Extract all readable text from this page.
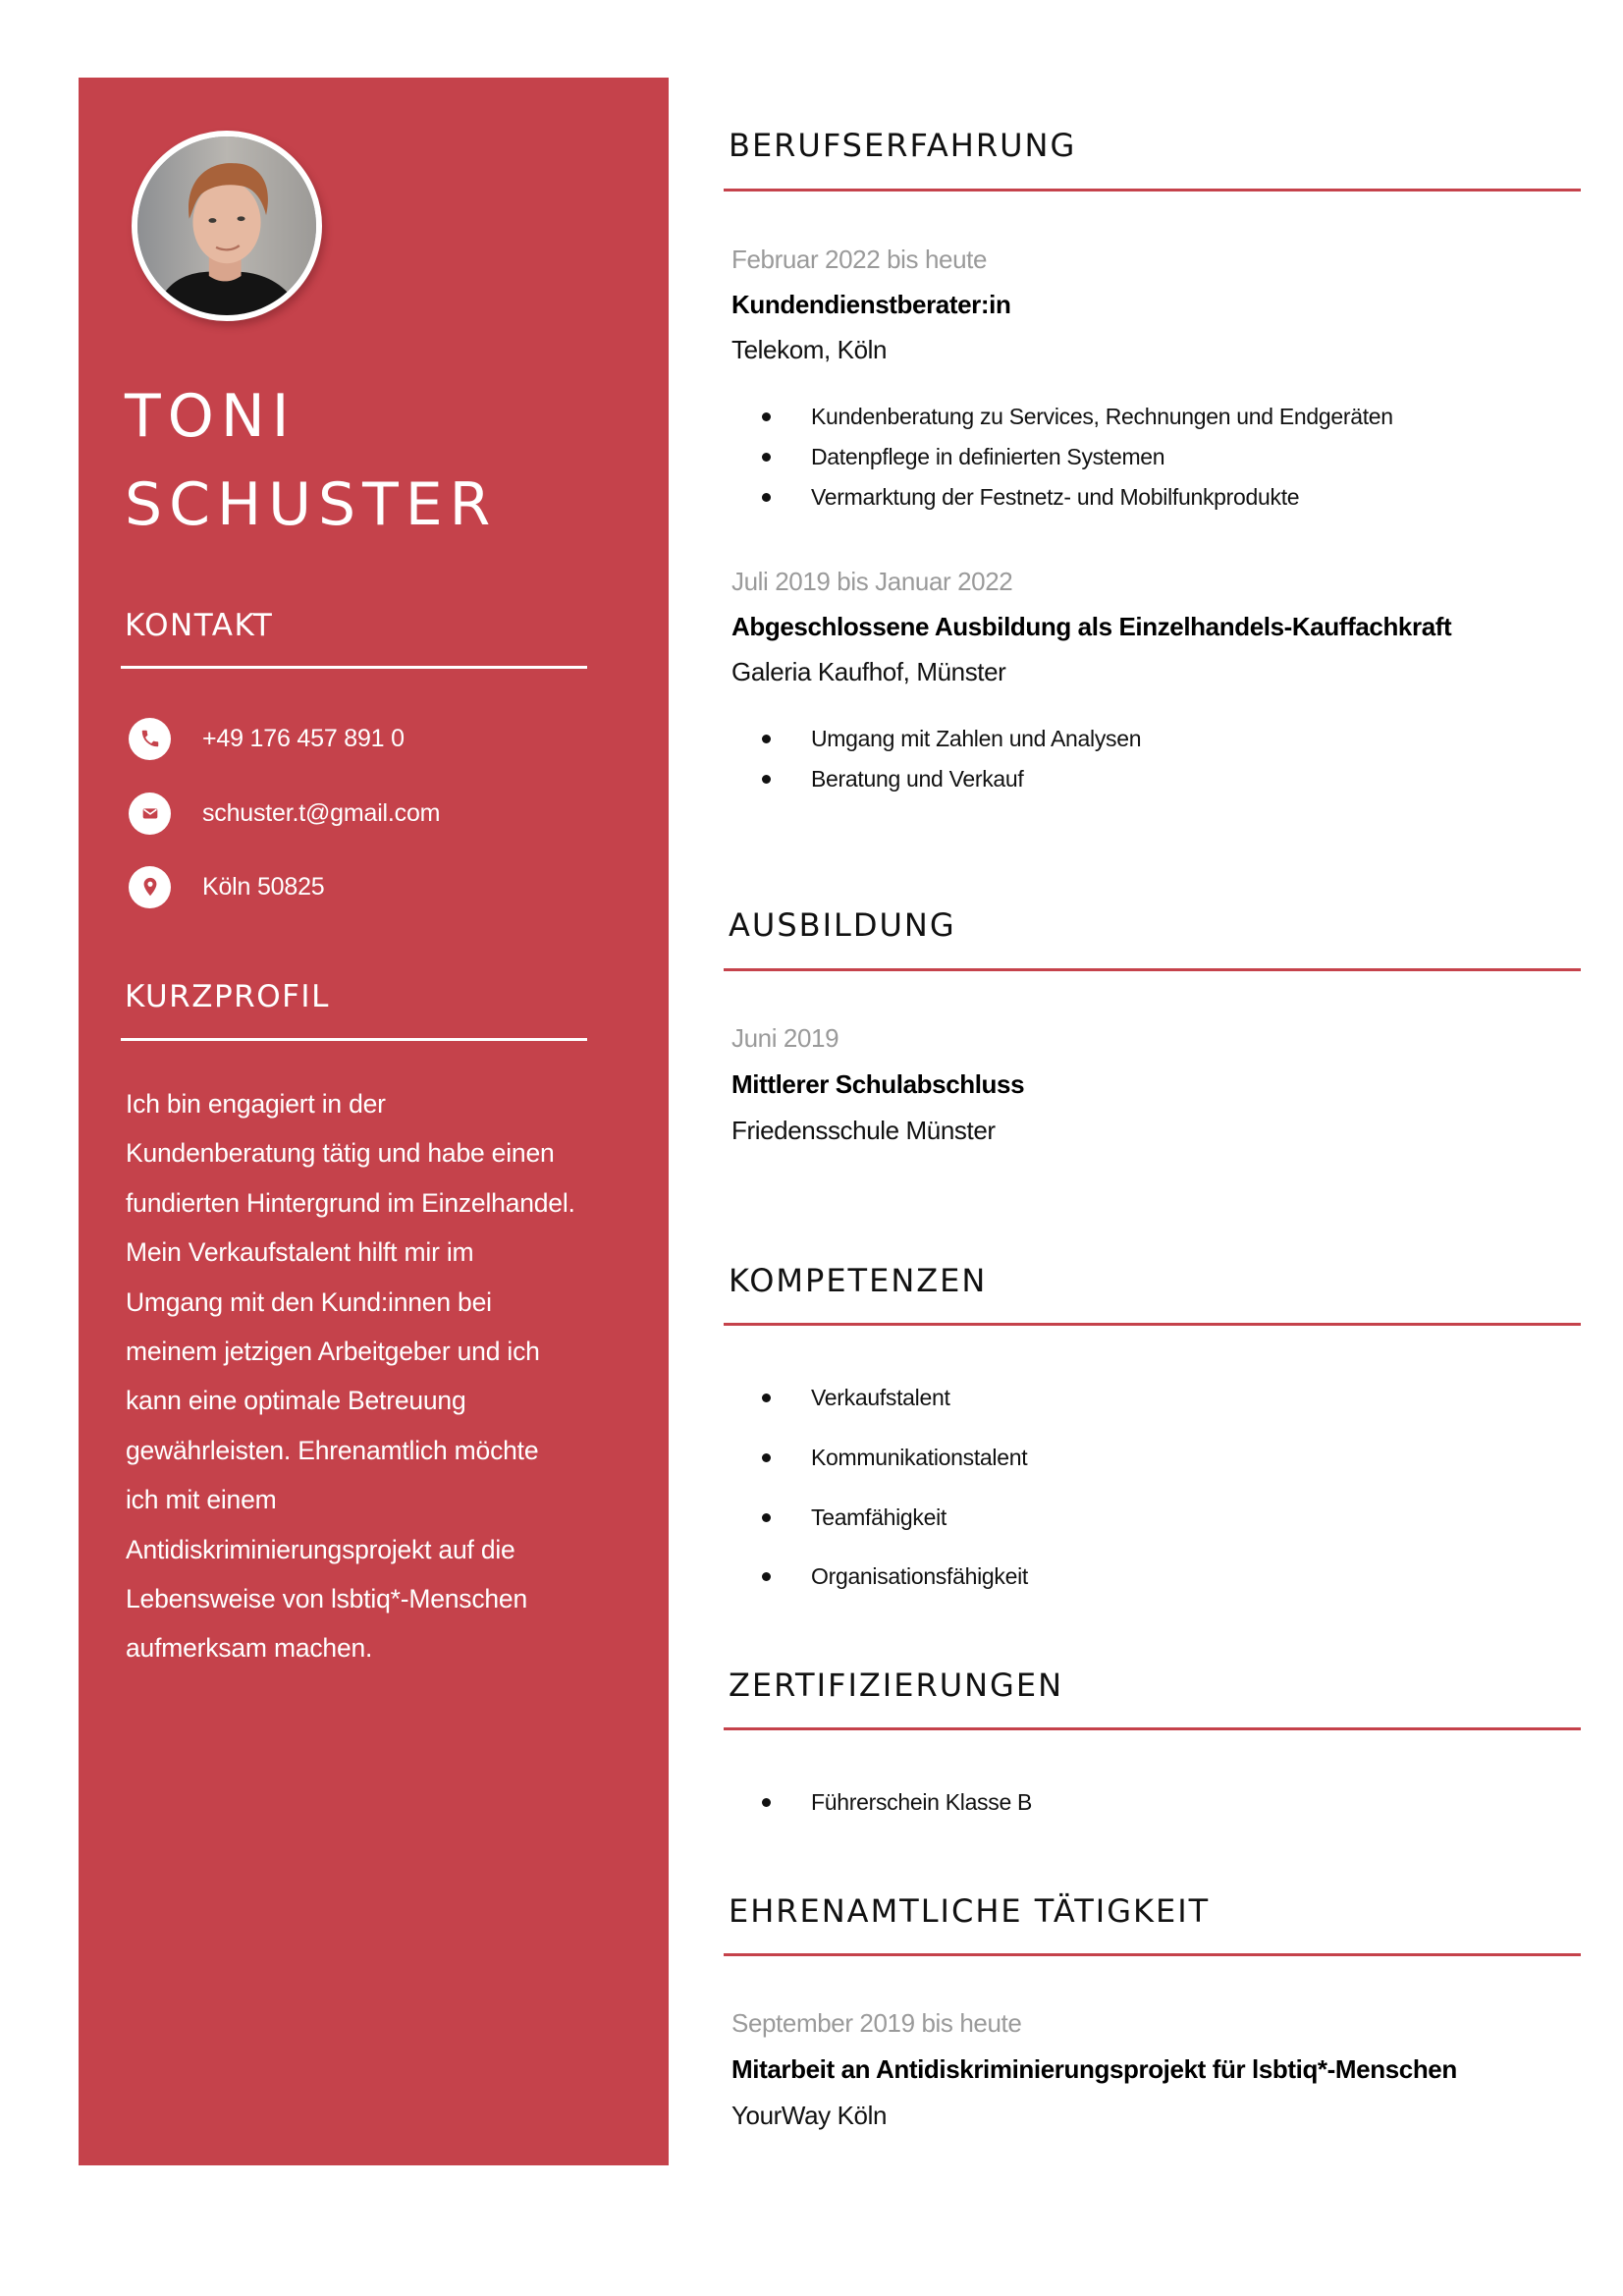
TONI
SCHUSTER
KONTAKT
+49 176 457 891 0
schuster.t@gmail.com
Köln 50825
KURZPROFIL

Ich bin engagiert in der
Kundenberatung tätig und habe einen
fundierten Hintergrund im Einzelhandel.
Mein Verkaufstalent hilft mir im
Umgang mit den Kund:innen bei
meinem jetzigen Arbeitgeber und ich
kann eine optimale Betreuung
gewährleisten. Ehrenamtlich möchte
ich mit einem
Antidiskriminierungsprojekt auf die
Lebensweise von lsbtiq*-Menschen
aufmerksam machen.

BERUFSERFAHRUNG
Februar 2022 bis heute
Kundendienstberater:in
Telekom, Köln
Kundenberatung zu Services, Rechnungen und Endgeräten
Datenpflege in definierten Systemen
Vermarktung der Festnetz- und Mobilfunkprodukte
Juli 2019 bis Januar 2022
Abgeschlossene Ausbildung als Einzelhandels-Kauffachkraft
Galeria Kaufhof, Münster
Umgang mit Zahlen und Analysen
Beratung und Verkauf
AUSBILDUNG
Juni 2019
Mittlerer Schulabschluss
Friedensschule Münster
KOMPETENZEN
Verkaufstalent
Kommunikationstalent
Teamfähigkeit
Organisationsfähigkeit
ZERTIFIZIERUNGEN
Führerschein Klasse B
EHRENAMTLICHE TÄTIGKEIT
September 2019 bis heute
Mitarbeit an Antidiskriminierungsprojekt für lsbtiq*-Menschen
YourWay Köln
